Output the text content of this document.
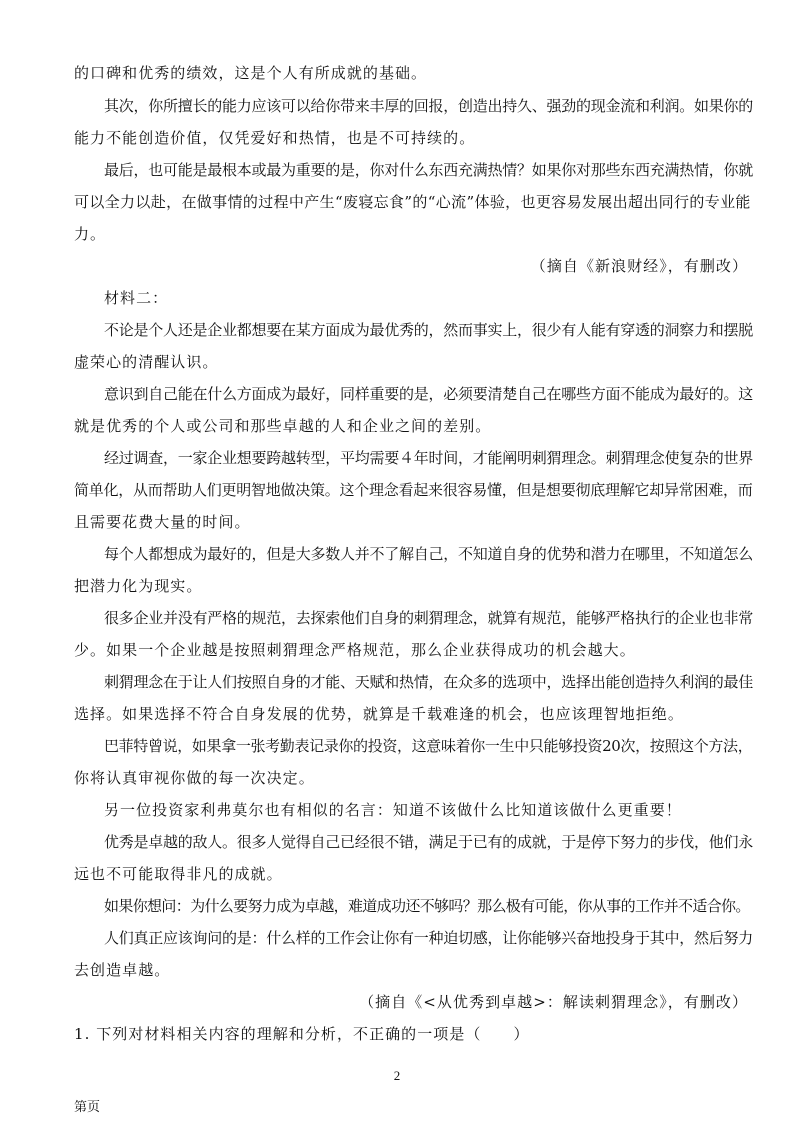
的口碑和优秀的绩效，这是个人有所成就的基础。
其次，你所擅长的能力应该可以给你带来丰厚的回报，创造出持久、强劲的现金流和利润。如果你的
能力不能创造价值，仅凭爱好和热情，也是不可持续的。
最后，也可能是最根本或最为重要的是，你对什么东西充满热情？如果你对那些东西充满热情，你就
可以全力以赴，在做事情的过程中产生“废寝忘食”的“心流”体验，也更容易发展出超出同行的专业能
力。
（摘自《新浪财经》，有删改）
材料二：
不论是个人还是企业都想要在某方面成为最优秀的，然而事实上，很少有人能有穿透的洞察力和摆脱
虚荣心的清醒认识。
意识到自己能在什么方面成为最好，同样重要的是，必须要清楚自己在哪些方面不能成为最好的。这
就是优秀的个人或公司和那些卓越的人和企业之间的差别。
经过调查，一家企业想要跨越转型，平均需要４年时间，才能阐明刺猬理念。刺猬理念使复杂的世界
简单化，从而帮助人们更明智地做决策。这个理念看起来很容易懂，但是想要彻底理解它却异常困难，而
且需要花费大量的时间。
每个人都想成为最好的，但是大多数人并不了解自己，不知道自身的优势和潜力在哪里，不知道怎么
把潜力化为现实。
很多企业并没有严格的规范，去探索他们自身的刺猬理念，就算有规范，能够严格执行的企业也非常
少。如果一个企业越是按照刺猬理念严格规范，那么企业获得成功的机会越大。
刺猬理念在于让人们按照自身的才能、天赋和热情，在众多的选项中，选择出能创造持久利润的最佳
选择。如果选择不符合自身发展的优势，就算是千载难逢的机会，也应该理智地拒绝。
巴菲特曾说，如果拿一张考勤表记录你的投资，这意味着你一生中只能够投资20次，按照这个方法，
你将认真审视你做的每一次决定。
另一位投资家利弗莫尔也有相似的名言：知道不该做什么比知道该做什么更重要！
优秀是卓越的敌人。很多人觉得自己已经很不错，满足于已有的成就，于是停下努力的步伐，他们永
远也不可能取得非凡的成就。
如果你想问：为什么要努力成为卓越，难道成功还不够吗？那么极有可能，你从事的工作并不适合你。
人们真正应该询问的是：什么样的工作会让你有一种迫切感，让你能够兴奋地投身于其中，然后努力
去创造卓越。
（摘自《<从优秀到卓越>：解读刺猬理念》，有删改）
1. 下列对材料相关内容的理解和分析，不正确的一项是（　　）
2
第页
